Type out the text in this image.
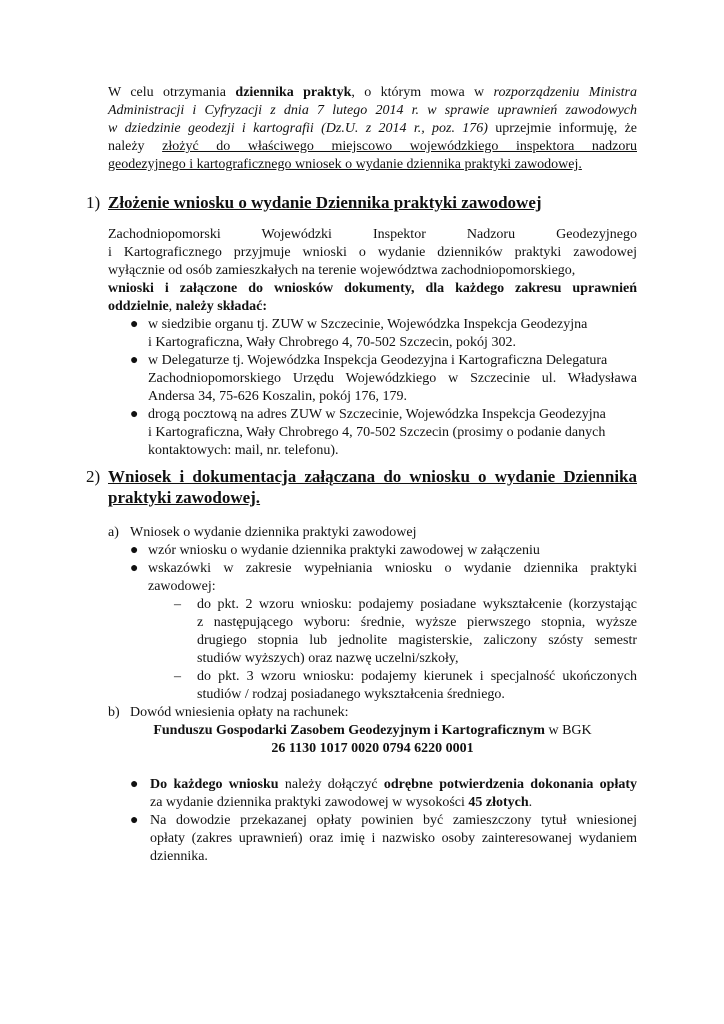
W celu otrzymania dziennika praktyk, o którym mowa w rozporządzeniu Ministra
Administracji i Cyfryzacji z dnia 7 lutego 2014 r. w sprawie uprawnień zawodowych
w dziedzinie geodezji i kartografii (Dz.U. z 2014 r., poz. 176) uprzejmie informuję, że
należy złożyć do właściwego miejscowo wojewódzkiego inspektora nadzoru
geodezyjnego i kartograficznego wniosek o wydanie dziennika praktyki zawodowej.
1) Złożenie wniosku o wydanie Dziennika praktyki zawodowej
Zachodniopomorski Wojewódzki Inspektor Nadzoru Geodezyjnego
i Kartograficznego przyjmuje wnioski o wydanie dzienników praktyki zawodowej
wyłącznie od osób zamieszkałych na terenie województwa zachodniopomorskiego,
wnioski i załączone do wniosków dokumenty, dla każdego zakresu uprawnień
oddzielnie, należy składać:
● w siedzibie organu tj. ZUW w Szczecinie, Wojewódzka Inspekcja Geodezyjna
i Kartograficzna, Wały Chrobrego 4, 70-502 Szczecin, pokój 302.
● w Delegaturze tj. Wojewódzka Inspekcja Geodezyjna i Kartograficzna Delegatura
Zachodniopomorskiego Urzędu Wojewódzkiego w Szczecinie ul. Władysława
Andersa 34, 75-626 Koszalin, pokój 176, 179.
● drogą pocztową na adres ZUW w Szczecinie, Wojewódzka Inspekcja Geodezyjna
i Kartograficzna, Wały Chrobrego 4, 70-502 Szczecin (prosimy o podanie danych
kontaktowych: mail, nr. telefonu).
2) Wniosek i dokumentacja załączana do wniosku o wydanie Dziennika
praktyki zawodowej.
a) Wniosek o wydanie dziennika praktyki zawodowej
● wzór wniosku o wydanie dziennika praktyki zawodowej w załączeniu
● wskazówki w zakresie wypełniania wniosku o wydanie dziennika praktyki
zawodowej:
– do pkt. 2 wzoru wniosku: podajemy posiadane wykształcenie (korzystając
z następującego wyboru: średnie, wyższe pierwszego stopnia, wyższe
drugiego stopnia lub jednolite magisterskie, zaliczony szósty semestr
studiów wyższych) oraz nazwę uczelni/szkoły,
– do pkt. 3 wzoru wniosku: podajemy kierunek i specjalność ukończonych
studiów / rodzaj posiadanego wykształcenia średniego.
b) Dowód wniesienia opłaty na rachunek:
Funduszu Gospodarki Zasobem Geodezyjnym i Kartograficznym w BGK
26 1130 1017 0020 0794 6220 0001
● Do każdego wniosku należy dołączyć odrębne potwierdzenia dokonania opłaty
za wydanie dziennika praktyki zawodowej w wysokości 45 złotych.
● Na dowodzie przekazanej opłaty powinien być zamieszczony tytuł wniesionej
opłaty (zakres uprawnień) oraz imię i nazwisko osoby zainteresowanej wydaniem
dziennika.
